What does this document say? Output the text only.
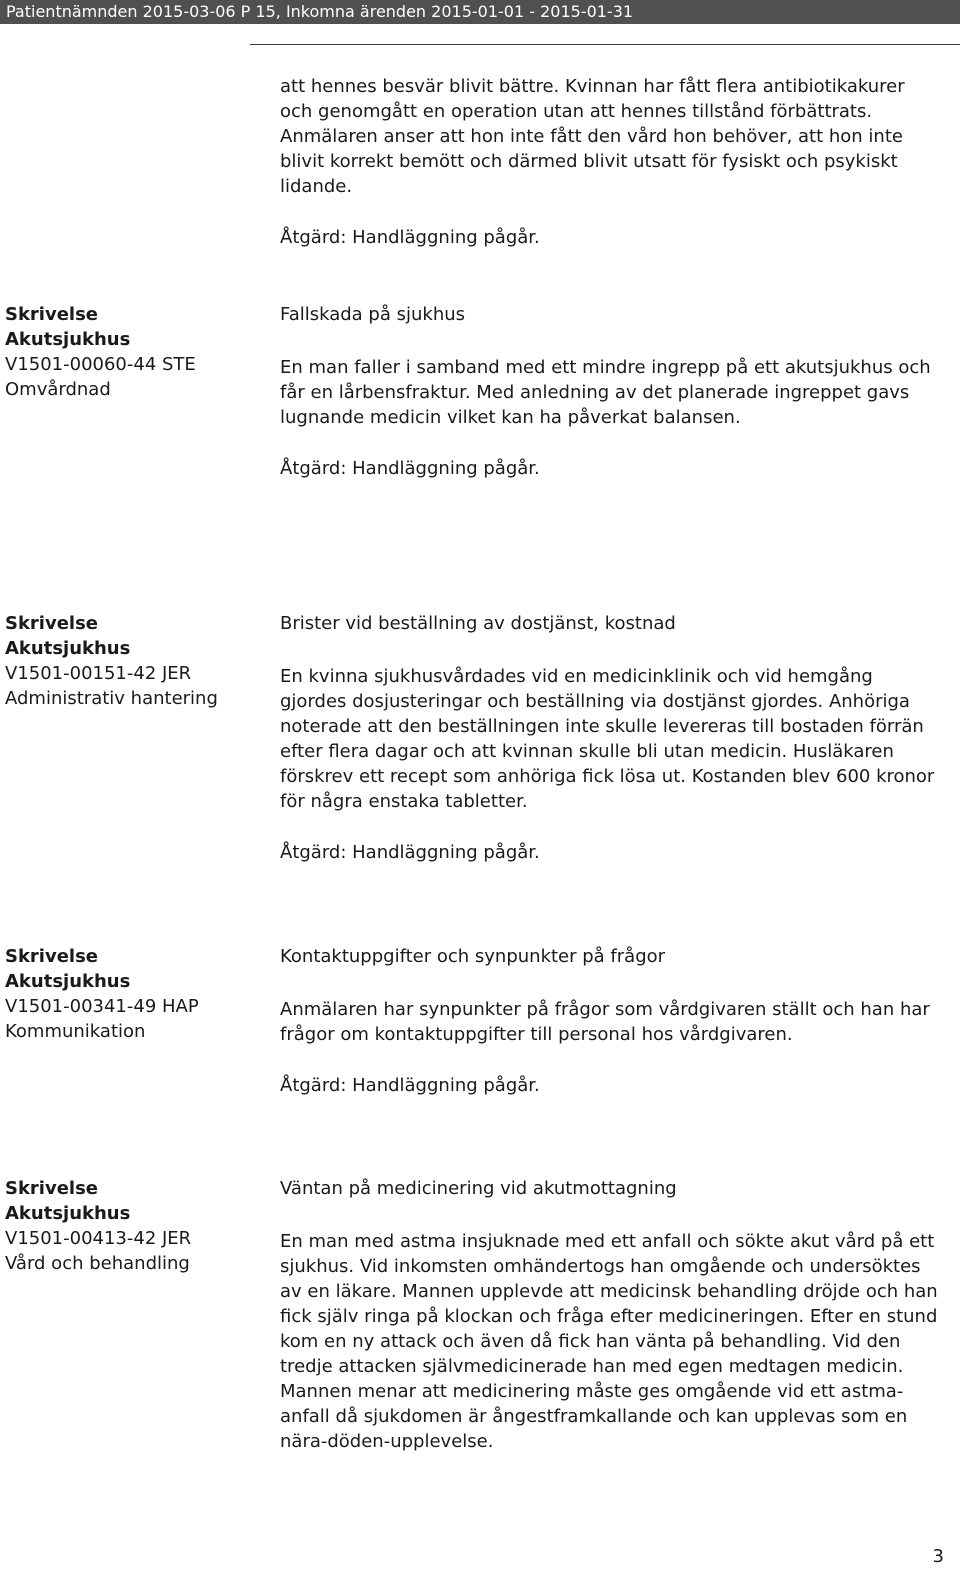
Patientnämnden 2015-03-06 P 15, Inkomna ärenden 2015-01-01 - 2015-01-31

att hennes besvär blivit bättre. Kvinnan har fått flera antibiotikakurer och genomgått en operation utan att hennes tillstånd förbättrats. Anmälaren anser att hon inte fått den vård hon behöver, att hon inte blivit korrekt bemött och därmed blivit utsatt för fysiskt och psykiskt lidande.

Åtgärd: Handläggning pågår.

Skrivelse
Akutsjukhus
V1501-00060-44 STE
Omvårdnad

Fallskada på sjukhus

En man faller i samband med ett mindre ingrepp på ett akutsjukhus och får en lårbensfraktur. Med anledning av det planerade ingreppet gavs lugnande medicin vilket kan ha påverkat balansen.

Åtgärd: Handläggning pågår.

Skrivelse
Akutsjukhus
V1501-00151-42 JER
Administrativ hantering

Brister vid beställning av dostjänst, kostnad

En kvinna sjukhusvårdades vid en medicinklinik och vid hemgång gjordes dosjusteringar och beställning via dostjänst gjordes. Anhöriga noterade att den beställningen inte skulle levereras till bostaden förrän efter flera dagar och att kvinnan skulle bli utan medicin. Husläkaren förskrev ett recept som anhöriga fick lösa ut. Kostanden blev 600 kronor för några enstaka tabletter.

Åtgärd: Handläggning pågår.

Skrivelse
Akutsjukhus
V1501-00341-49 HAP
Kommunikation

Kontaktuppgifter och synpunkter på frågor

Anmälaren har synpunkter på frågor som vårdgivaren ställt och han har frågor om kontaktuppgifter till personal hos vårdgivaren.

Åtgärd: Handläggning pågår.

Skrivelse
Akutsjukhus
V1501-00413-42 JER
Vård och behandling

Väntan på medicinering vid akutmottagning

En man med astma insjuknade med ett anfall och sökte akut vård på ett sjukhus. Vid inkomsten omhändertogs han omgående och undersöktes av en läkare. Mannen upplevde att medicinsk behandling dröjde och han fick själv ringa på klockan och fråga efter medicineringen. Efter en stund kom en ny attack och även då fick han vänta på behandling. Vid den tredje attacken självmedicinerade han med egen medtagen medicin. Mannen menar att medicinering måste ges omgående vid ett astma-anfall då sjukdomen är ångestframkallande och kan upplevas som en nära-döden-upplevelse.

3
